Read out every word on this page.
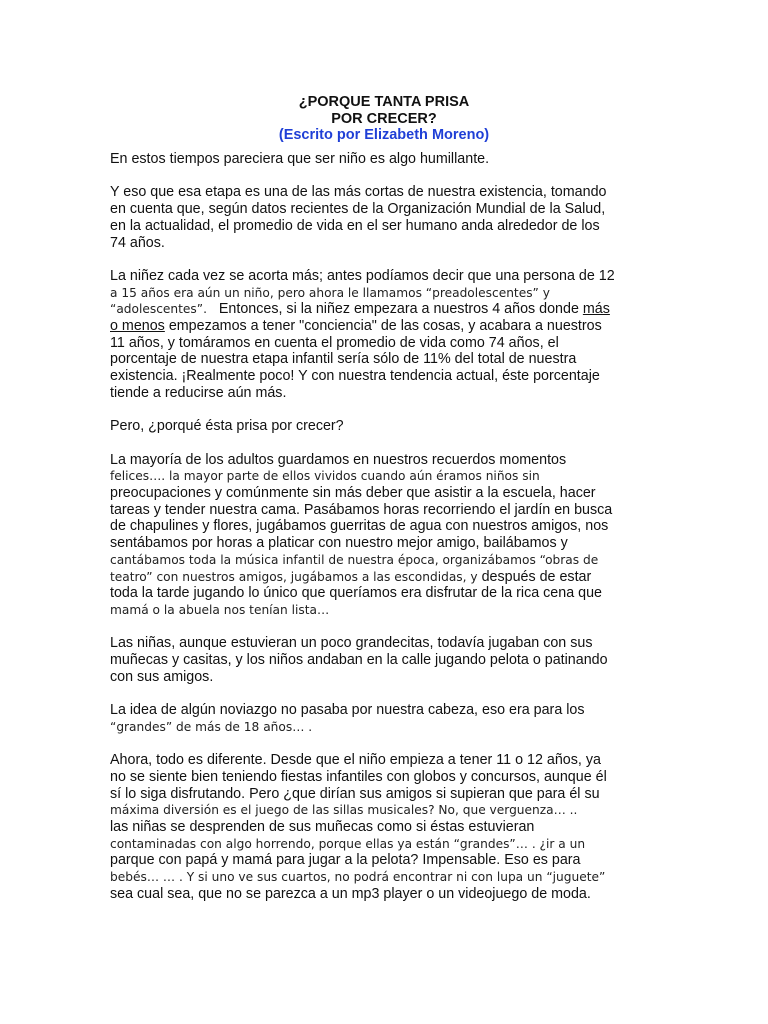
¿PORQUE TANTA PRISA
POR CRECER?
(Escrito por Elizabeth Moreno)

En estos tiempos pareciera que ser niño es algo humillante.

Y eso que esa etapa es una de las más cortas de nuestra existencia, tomando
en cuenta que, según datos recientes de la Organización Mundial de la Salud,
en la actualidad, el promedio de vida en el ser humano anda alrededor de los
74 años.

La niñez cada vez se acorta más; antes podíamos decir que una persona de 12
a 15 años era aún un niño, pero ahora le llamamos “preadolescentes” y
“adolescentes”.   Entonces, si la niñez empezara a nuestros 4 años donde más
o menos empezamos a tener "conciencia" de las cosas, y acabara a nuestros
11 años, y tomáramos en cuenta el promedio de vida como 74 años, el
porcentaje de nuestra etapa infantil sería sólo de 11% del total de nuestra
existencia. ¡Realmente poco! Y con nuestra tendencia actual, éste porcentaje
tiende a reducirse aún más.

Pero, ¿porqué ésta prisa por crecer?

La mayoría de los adultos guardamos en nuestros recuerdos momentos
felices…. la mayor parte de ellos vividos cuando aún éramos niños sin
preocupaciones y comúnmente sin más deber que asistir a la escuela, hacer
tareas y tender nuestra cama. Pasábamos horas recorriendo el jardín en busca
de chapulines y flores, jugábamos guerritas de agua con nuestros amigos, nos
sentábamos por horas a platicar con nuestro mejor amigo, bailábamos y
cantábamos toda la música infantil de nuestra época, organizábamos “obras de
teatro” con nuestros amigos, jugábamos a las escondidas, y después de estar
toda la tarde jugando lo único que queríamos era disfrutar de la rica cena que
mamá o la abuela nos tenían lista…

Las niñas, aunque estuvieran un poco grandecitas, todavía jugaban con sus
muñecas y casitas, y los niños andaban en la calle jugando pelota o patinando
con sus amigos.

La idea de algún noviazgo no pasaba por nuestra cabeza, eso era para los
“grandes” de más de 18 años… .

Ahora, todo es diferente. Desde que el niño empieza a tener 11 o 12 años, ya
no se siente bien teniendo fiestas infantiles con globos y concursos, aunque él
sí lo siga disfrutando. Pero ¿que dirían sus amigos si supieran que para él su
máxima diversión es el juego de las sillas musicales? No, que verguenza… ..
las niñas se desprenden de sus muñecas como si éstas estuvieran
contaminadas con algo horrendo, porque ellas ya están “grandes”… . ¿ir a un
parque con papá y mamá para jugar a la pelota? Impensable. Eso es para
bebés… … . Y si uno ve sus cuartos, no podrá encontrar ni con lupa un “juguete”
sea cual sea, que no se parezca a un mp3 player o un videojuego de moda.
